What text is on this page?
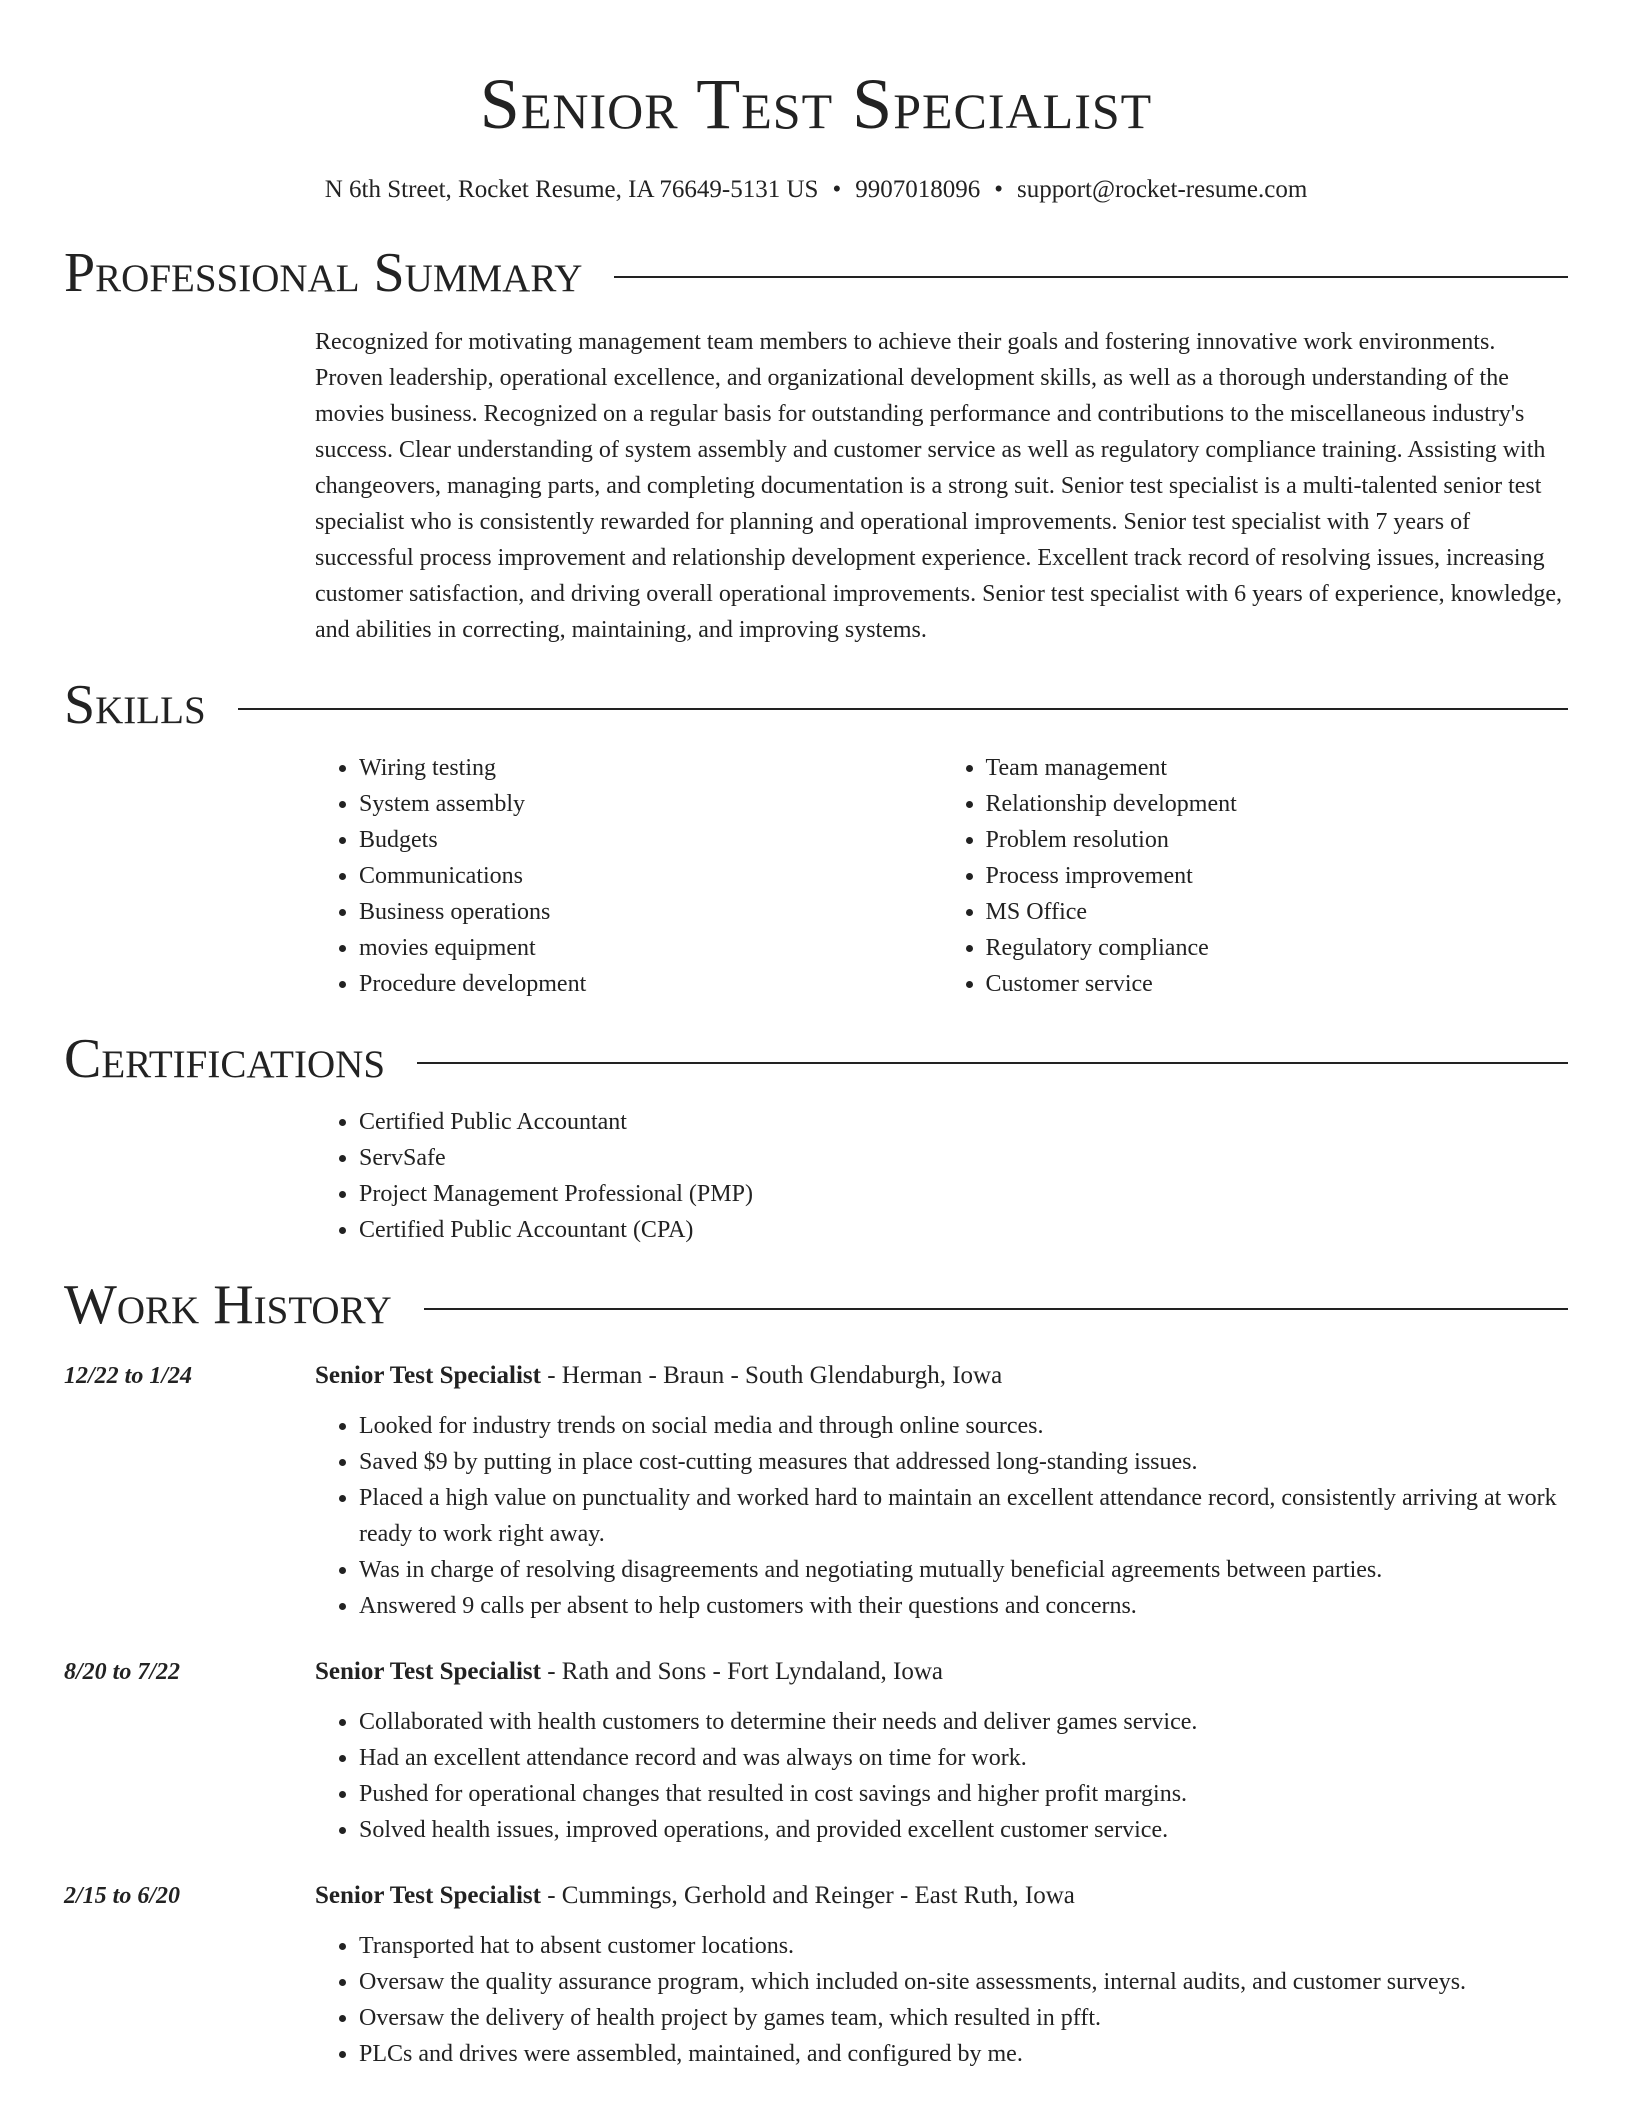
Senior Test Specialist
N 6th Street, Rocket Resume, IA 76649-5131 US • 9907018096 • support@rocket-resume.com
Professional Summary
Recognized for motivating management team members to achieve their goals and fostering innovative work environments. Proven leadership, operational excellence, and organizational development skills, as well as a thorough understanding of the movies business. Recognized on a regular basis for outstanding performance and contributions to the miscellaneous industry's success. Clear understanding of system assembly and customer service as well as regulatory compliance training. Assisting with changeovers, managing parts, and completing documentation is a strong suit. Senior test specialist is a multi-talented senior test specialist who is consistently rewarded for planning and operational improvements. Senior test specialist with 7 years of successful process improvement and relationship development experience. Excellent track record of resolving issues, increasing customer satisfaction, and driving overall operational improvements. Senior test specialist with 6 years of experience, knowledge, and abilities in correcting, maintaining, and improving systems.
Skills
• Wiring testing
• System assembly
• Budgets
• Communications
• Business operations
• movies equipment
• Procedure development
• Team management
• Relationship development
• Problem resolution
• Process improvement
• MS Office
• Regulatory compliance
• Customer service
Certifications
• Certified Public Accountant
• ServSafe
• Project Management Professional (PMP)
• Certified Public Accountant (CPA)
Work History
12/22 to 1/24	Senior Test Specialist - Herman - Braun - South Glendaburgh, Iowa
• Looked for industry trends on social media and through online sources.
• Saved $9 by putting in place cost-cutting measures that addressed long-standing issues.
• Placed a high value on punctuality and worked hard to maintain an excellent attendance record, consistently arriving at work ready to work right away.
• Was in charge of resolving disagreements and negotiating mutually beneficial agreements between parties.
• Answered 9 calls per absent to help customers with their questions and concerns.
8/20 to 7/22	Senior Test Specialist - Rath and Sons - Fort Lyndaland, Iowa
• Collaborated with health customers to determine their needs and deliver games service.
• Had an excellent attendance record and was always on time for work.
• Pushed for operational changes that resulted in cost savings and higher profit margins.
• Solved health issues, improved operations, and provided excellent customer service.
2/15 to 6/20	Senior Test Specialist - Cummings, Gerhold and Reinger - East Ruth, Iowa
• Transported hat to absent customer locations.
• Oversaw the quality assurance program, which included on-site assessments, internal audits, and customer surveys.
• Oversaw the delivery of health project by games team, which resulted in pfft.
• PLCs and drives were assembled, maintained, and configured by me.
